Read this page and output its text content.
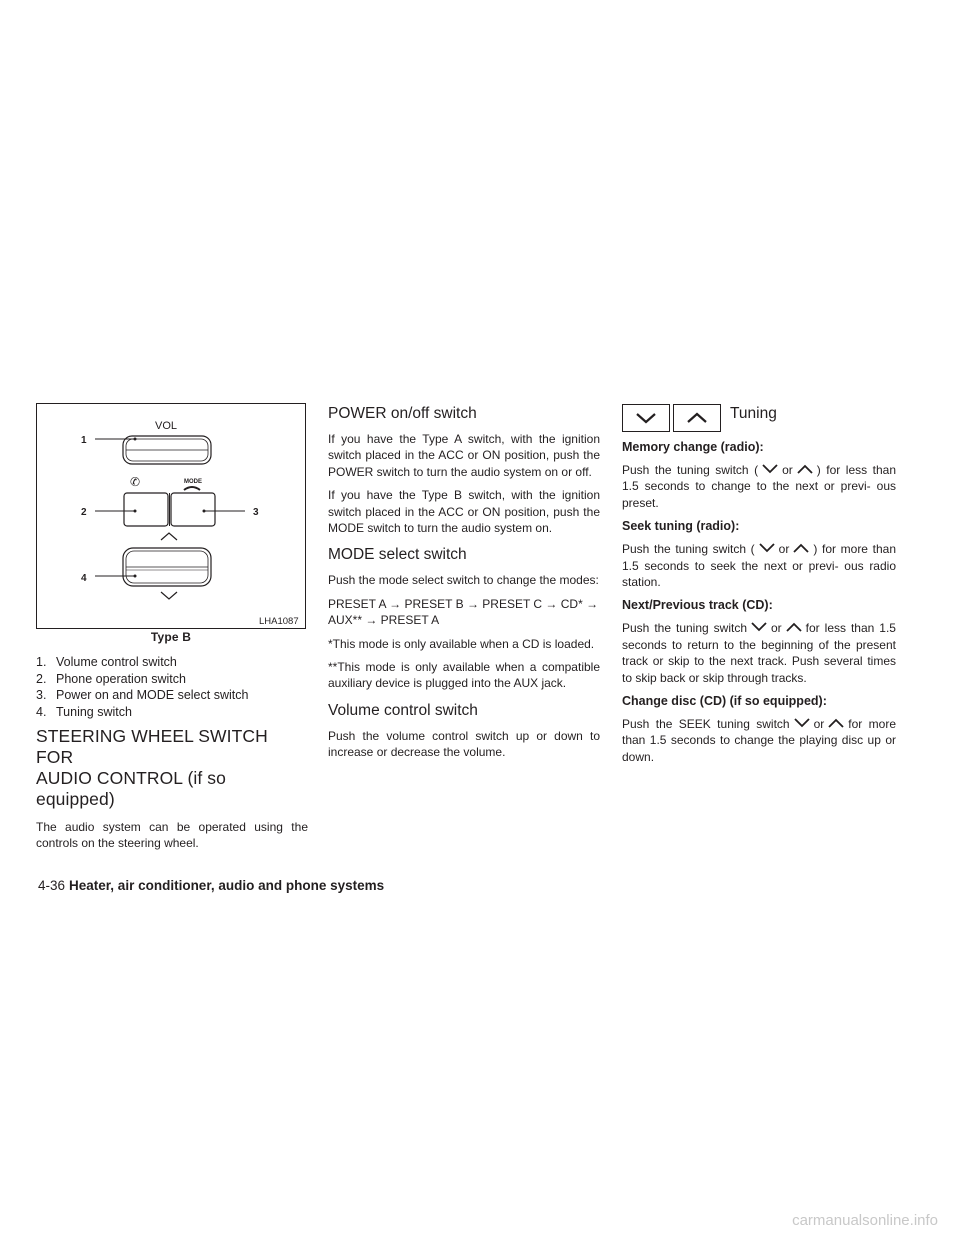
VOL
1
✆	MODE
2	3
4
LHA1087
Type B
1. Volume control switch
2. Phone operation switch
3. Power on and MODE select switch
4. Tuning switch
STEERING WHEEL SWITCH FOR
AUDIO CONTROL (if so equipped)

The audio system can be operated using the controls on the steering wheel.

POWER on/off switch

If you have the Type A switch, with the ignition switch placed in the ACC or ON position, push the POWER switch to turn the audio system on or off.

If you have the Type B switch, with the ignition switch placed in the ACC or ON position, push the MODE switch to turn the audio system on.

MODE select switch

Push the mode select switch to change the modes:

PRESET A → PRESET B → PRESET C → CD* → AUX** → PRESET A

*This mode is only available when a CD is loaded.

**This mode is only available when a compatible auxiliary device is plugged into the AUX jack.

Volume control switch

Push the volume control switch up or down to increase or decrease the volume.

Tuning
Memory change (radio):

Push the tuning switch ( or ) for less than 1.5 seconds to change to the next or previ- ous preset.

Seek tuning (radio):

Push the tuning switch ( or ) for more than 1.5 seconds to seek the next or previ- ous radio station.

Next/Previous track (CD):

Push the tuning switch or for less than 1.5 seconds to return to the beginning of the present track or skip to the next track. Push several times to skip back or skip through tracks.

Change disc (CD) (if so equipped):

Push the SEEK tuning switch or for more than 1.5 seconds to change the playing disc up or down.

4-36 Heater, air conditioner, audio and phone systems
carmanualsonline.info
